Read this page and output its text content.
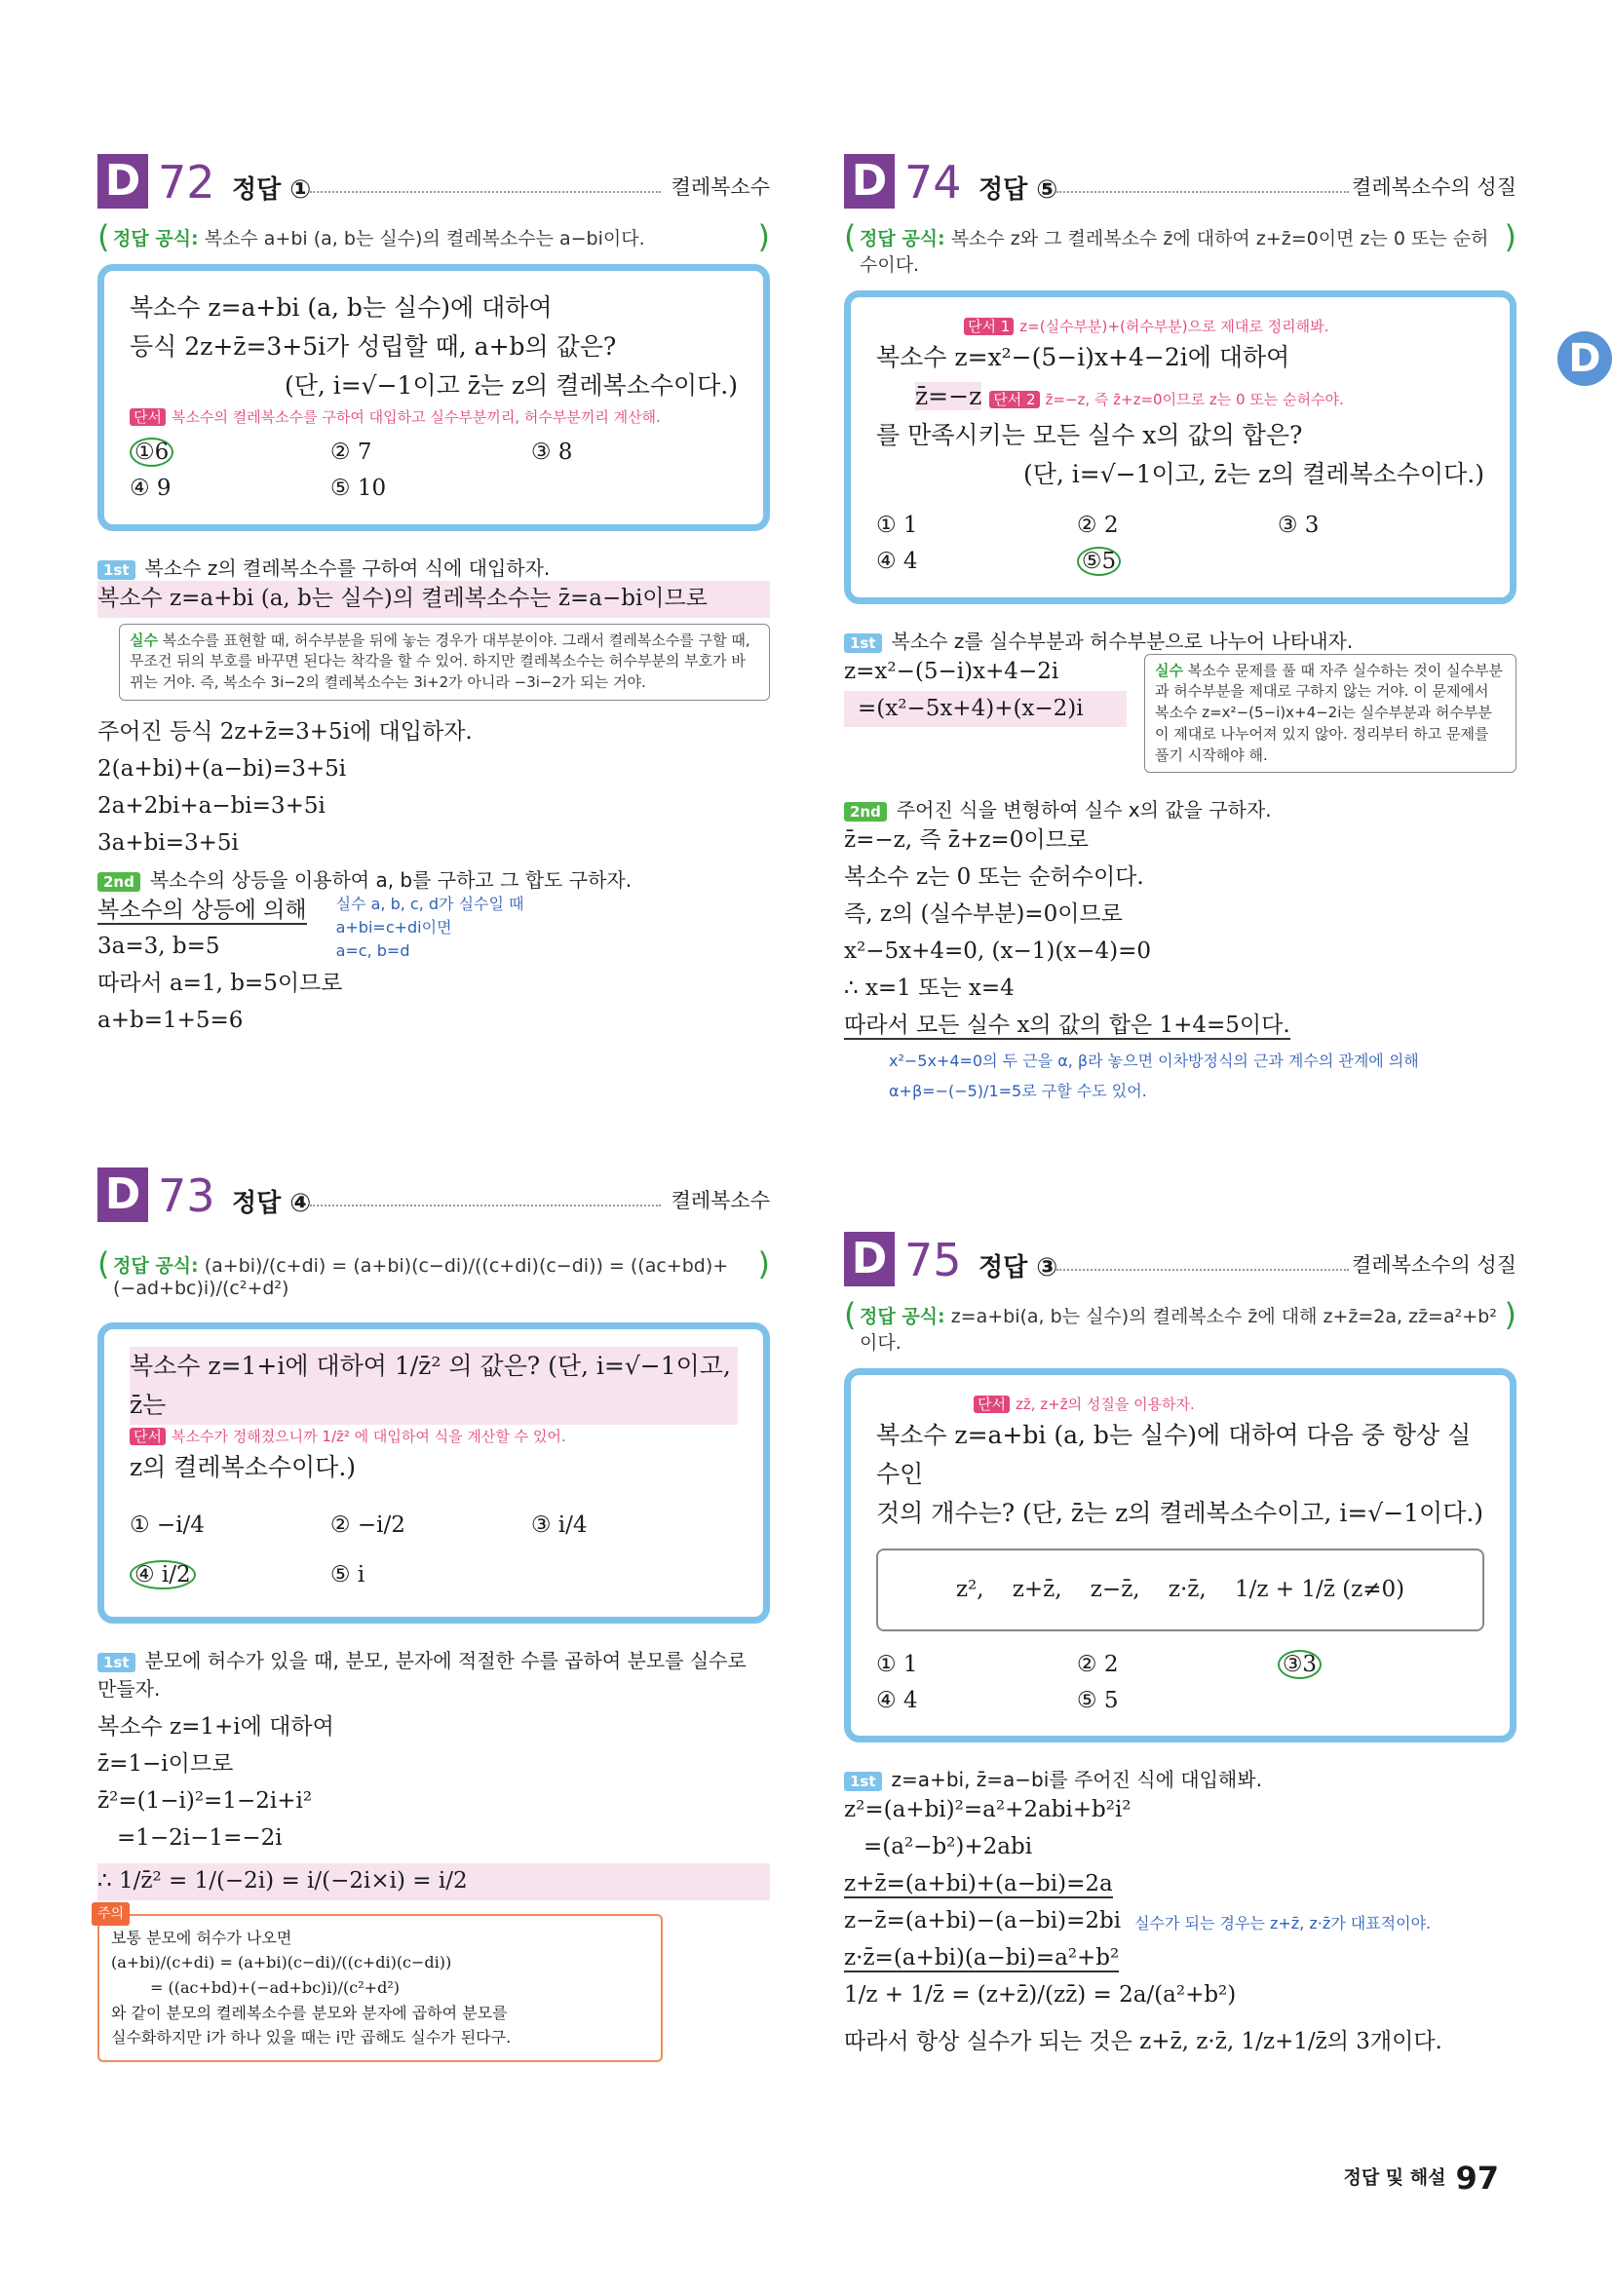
D
D 72 정답 ①	켤레복소수
( 정답 공식: 복소수 a+bi (a, b는 실수)의 켤레복소수는 a−bi이다. )
복소수 z=a+bi (a, b는 실수)에 대하여
등식 2z+z̄=3+5i가 성립할 때, a+b의 값은?
(단, i=√−1이고 z̄는 z의 켤레복소수이다.)
단서 복소수의 켤레복소수를 구하여 대입하고 실수부분끼리, 허수부분끼리 계산해.
①6	② 7	③ 8
④ 9	⑤ 10
1st 복소수 z의 켤레복소수를 구하여 식에 대입하자.
복소수 z=a+bi (a, b는 실수)의 켤레복소수는 z̄=a−bi이므로
실수 복소수를 표현할 때, 허수부분을 뒤에 놓는 경우가 대부분이야. 그래서 켤레복소수를 구할 때, 무조건 뒤의 부호를 바꾸면 된다는 착각을 할 수 있어. 하지만 켤레복소수는 허수부분의 부호가 바뀌는 거야. 즉, 복소수 3i−2의 켤레복소수는 3i+2가 아니라 −3i−2가 되는 거야.
주어진 등식 2z+z̄=3+5i에 대입하자.
2(a+bi)+(a−bi)=3+5i
2a+2bi+a−bi=3+5i
3a+bi=3+5i
2nd 복소수의 상등을 이용하여 a, b를 구하고 그 합도 구하자.
복소수의 상등에 의해
3a=3, b=5
실수 a, b, c, d가 실수일 때
a+bi=c+di이면
a=c, b=d
따라서 a=1, b=5이므로
a+b=1+5=6
D 73 정답 ④	켤레복소수
( 정답 공식: (a+bi)/(c+di) = (a+bi)(c−di)/((c+di)(c−di)) = ((ac+bd)+(−ad+bc)i)/(c²+d²) )
복소수 z=1+i에 대하여 1/z̄² 의 값은? (단, i=√−1이고, z̄는
단서 복소수가 정해졌으니까 1/z̄² 에 대입하여 식을 계산할 수 있어.
z의 켤레복소수이다.)
① −i/4	② −i/2	③ i/4
④ i/2	⑤ i
1st 분모에 허수가 있을 때, 분모, 분자에 적절한 수를 곱하여 분모를 실수로 만들자.
복소수 z=1+i에 대하여
z̄=1−i이므로
z̄²=(1−i)²=1−2i+i²
=1−2i−1=−2i
∴ 1/z̄² = 1/(−2i) = i/(−2i×i) = i/2
주의
보통 분모에 허수가 나오면
(a+bi)/(c+di) = (a+bi)(c−di)/((c+di)(c−di))
= ((ac+bd)+(−ad+bc)i)/(c²+d²)
와 같이 분모의 켤레복소수를 분모와 분자에 곱하여 분모를
실수화하지만 i가 하나 있을 때는 i만 곱해도 실수가 된다구.
D 74 정답 ⑤	켤레복소수의 성질
( 정답 공식: 복소수 z와 그 켤레복소수 z̄에 대하여 z+z̄=0이면 z는 0 또는 순허수이다. )
단서 1 z=(실수부분)+(허수부분)으로 제대로 정리해봐.
복소수 z=x²−(5−i)x+4−2i에 대하여
z̄=−z 단서 2 z̄=−z, 즉 z̄+z=0이므로 z는 0 또는 순허수야.
를 만족시키는 모든 실수 x의 값의 합은?
(단, i=√−1이고, z̄는 z의 켤레복소수이다.)
① 1	② 2	③ 3
④ 4	⑤5
1st 복소수 z를 실수부분과 허수부분으로 나누어 나타내자.
z=x²−(5−i)x+4−2i
=(x²−5x+4)+(x−2)i
실수 복소수 문제를 풀 때 자주 실수하는 것이 실수부분과 허수부분을 제대로 구하지 않는 거야. 이 문제에서 복소수 z=x²−(5−i)x+4−2i는 실수부분과 허수부분이 제대로 나누어져 있지 않아. 정리부터 하고 문제를 풀기 시작해야 해.
2nd 주어진 식을 변형하여 실수 x의 값을 구하자.
z̄=−z, 즉 z̄+z=0이므로
복소수 z는 0 또는 순허수이다.
즉, z의 (실수부분)=0이므로
x²−5x+4=0, (x−1)(x−4)=0
∴ x=1 또는 x=4
따라서 모든 실수 x의 값의 합은 1+4=5이다.
x²−5x+4=0의 두 근을 α, β라 놓으면 이차방정식의 근과 계수의 관계에 의해
α+β=−(−5)/1=5로 구할 수도 있어.
D 75 정답 ③	켤레복소수의 성질
( 정답 공식: z=a+bi(a, b는 실수)의 켤레복소수 z̄에 대해 z+z̄=2a, zz̄=a²+b²이다. )
단서 zz̄, z+z̄의 성질을 이용하자.
복소수 z=a+bi (a, b는 실수)에 대하여 다음 중 항상 실수인
것의 개수는? (단, z̄는 z의 켤레복소수이고, i=√−1이다.)
z²,    z+z̄,    z−z̄,    z·z̄,    1/z + 1/z̄ (z≠0)
① 1	② 2	③3
④ 4	⑤ 5
1st z=a+bi, z̄=a−bi를 주어진 식에 대입해봐.
z²=(a+bi)²=a²+2abi+b²i²
=(a²−b²)+2abi
z+z̄=(a+bi)+(a−bi)=2a
z−z̄=(a+bi)−(a−bi)=2bi
z·z̄=(a+bi)(a−bi)=a²+b²
실수가 되는 경우는 z+z̄, z·z̄가 대표적이야.
1/z + 1/z̄ = (z+z̄)/(zz̄) = 2a/(a²+b²)
따라서 항상 실수가 되는 것은 z+z̄, z·z̄, 1/z+1/z̄의 3개이다.
정답 및 해설 97
